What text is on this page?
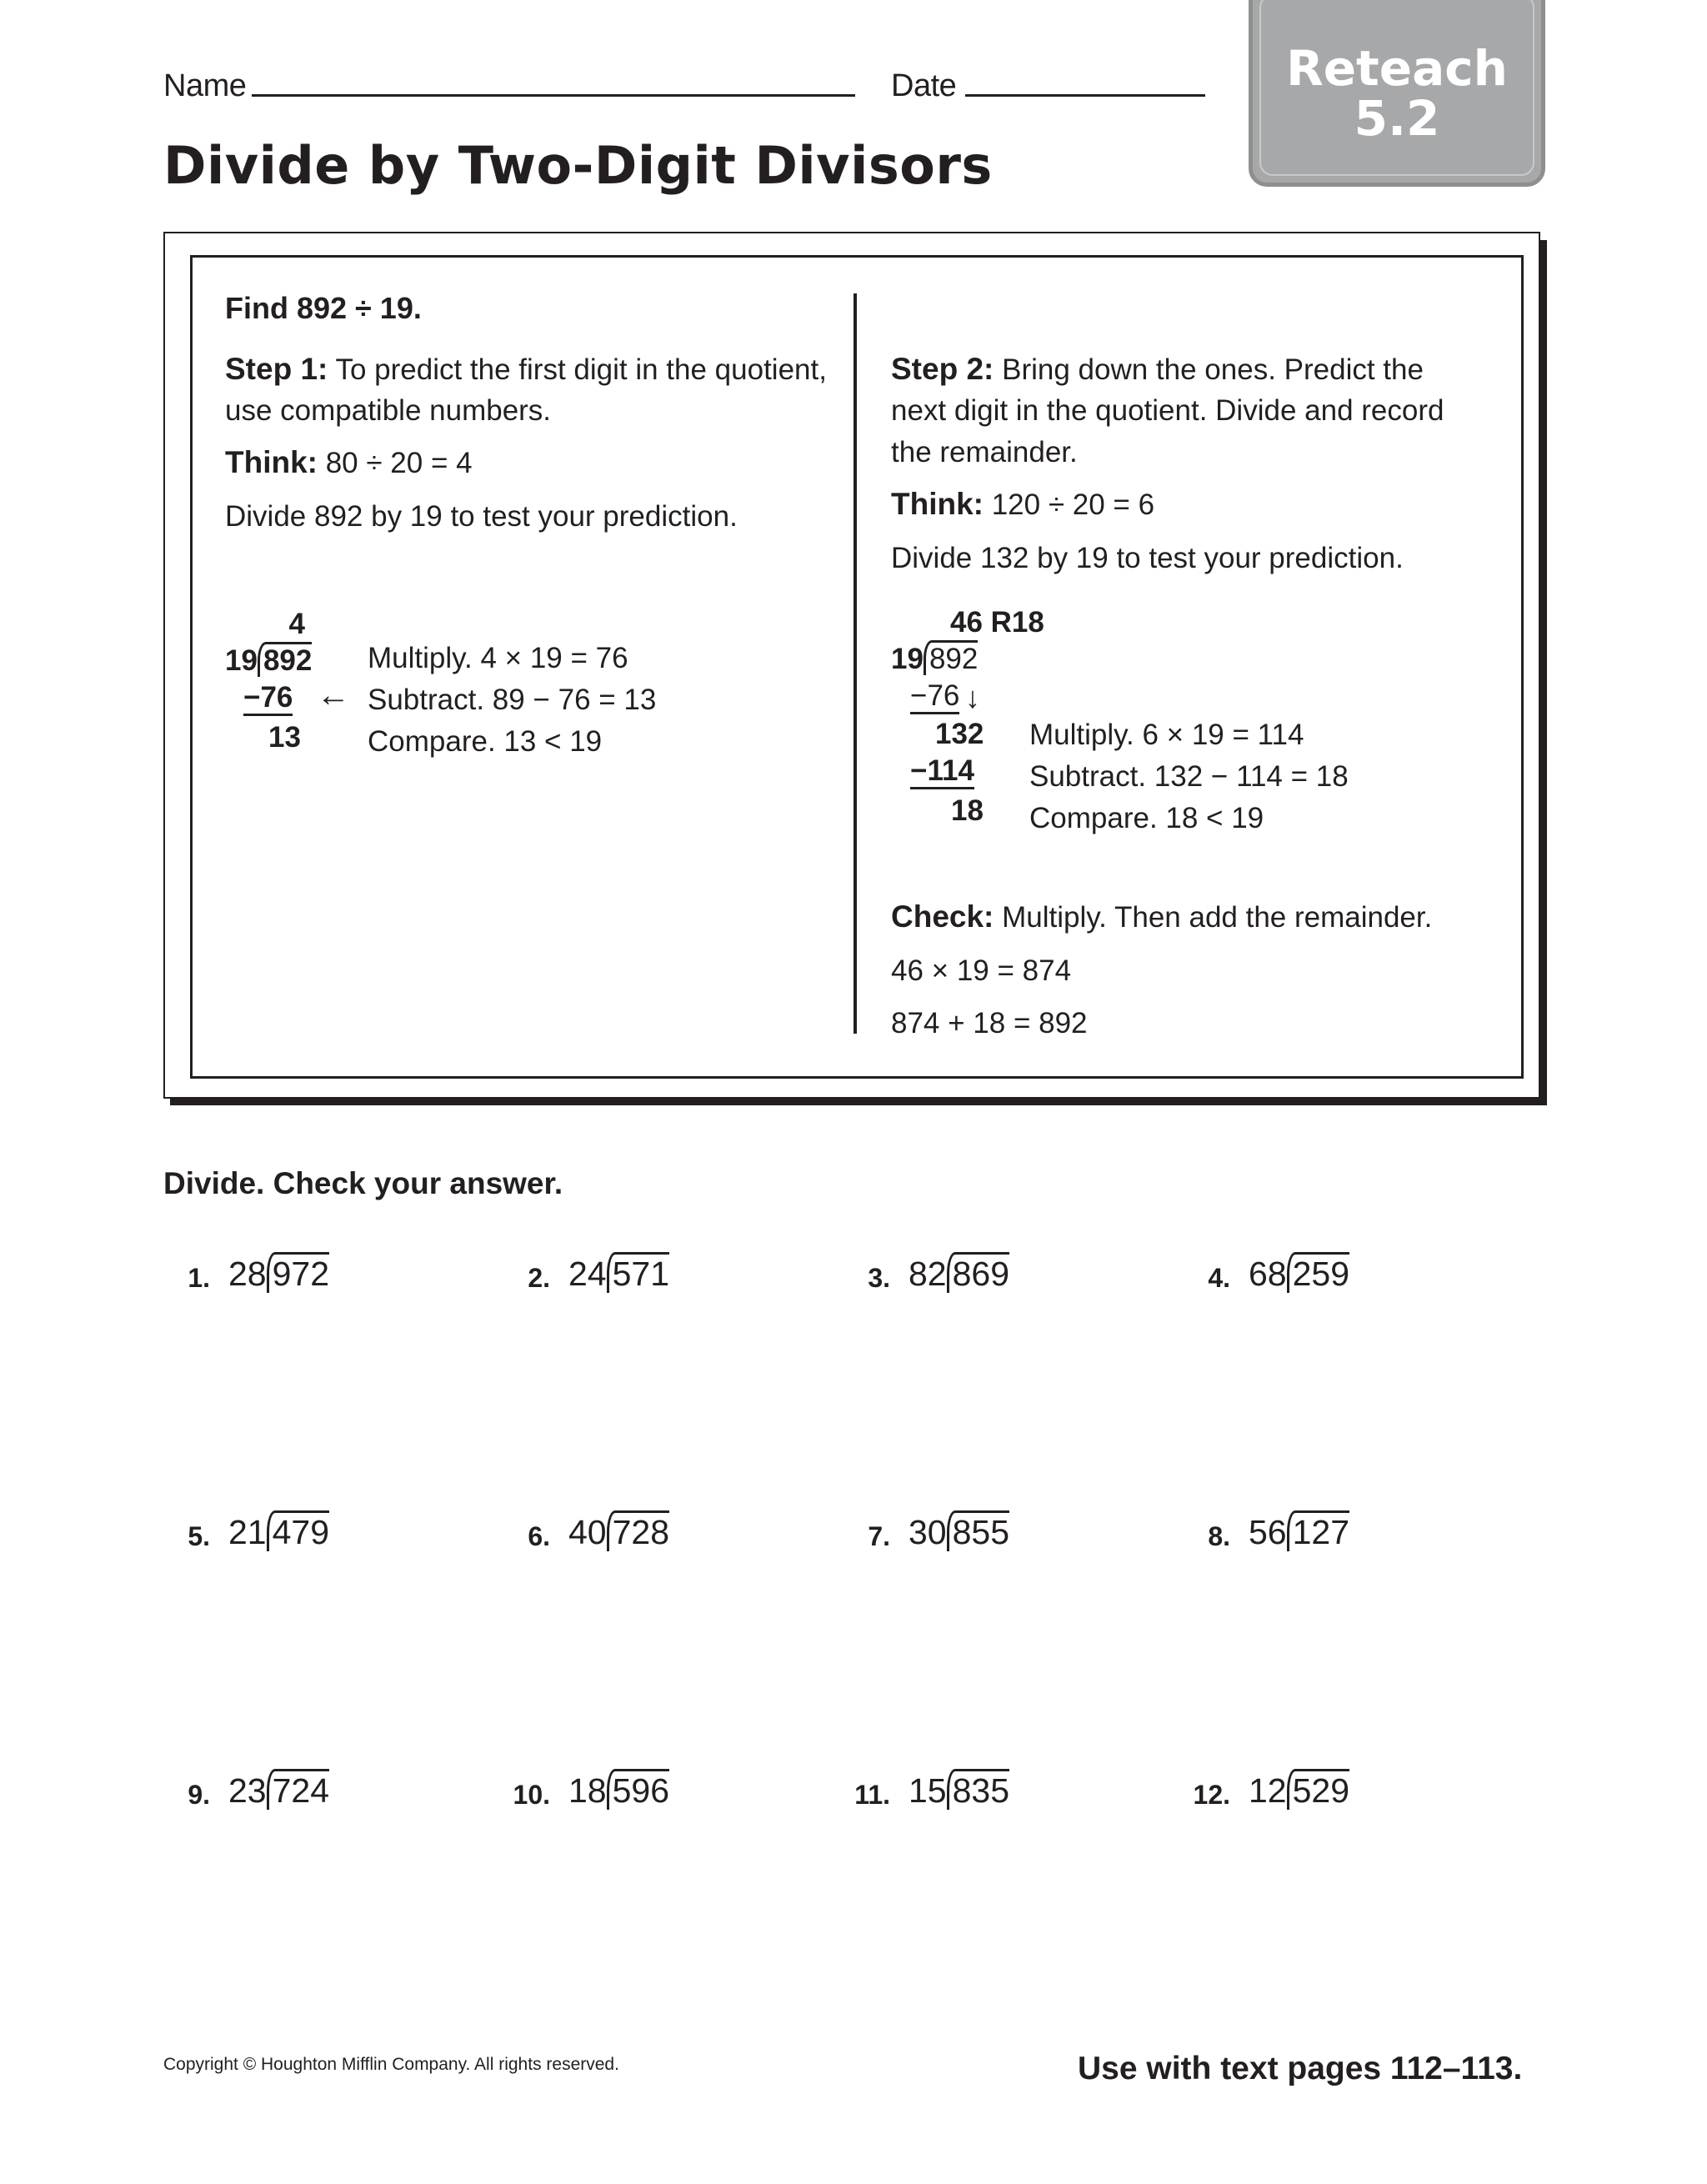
Name	Date	Reteach
5.2
Divide by Two-Digit Divisors
Find 892 ÷ 19.
Step 1: To predict the first digit in the quotient,
use compatible numbers.
Think: 80 ÷ 20 = 4
Divide 892 by 19 to test your prediction.
4
19 892
−76 ←
13
Multiply. 4 × 19 = 76
Subtract. 89 − 76 = 13
Compare. 13 < 19
Step 2: Bring down the ones. Predict the
next digit in the quotient. Divide and record
the remainder.
Think: 120 ÷ 20 = 6
Divide 132 by 19 to test your prediction.
46 R18
19 892
−76 ↓
132
−114
18
Multiply. 6 × 19 = 114
Subtract. 132 − 114 = 18
Compare. 18 < 19
Check: Multiply. Then add the remainder.
46 × 19 = 874
874 + 18 = 892
Divide. Check your answer.
1. 28 972	2. 24 571	3. 82 869	4. 68 259
5. 21 479	6. 40 728	7. 30 855	8. 56 127
9. 23 724	10. 18 596	11. 15 835	12. 12 529
Copyright © Houghton Mifflin Company. All rights reserved.	Use with text pages 112–113.
